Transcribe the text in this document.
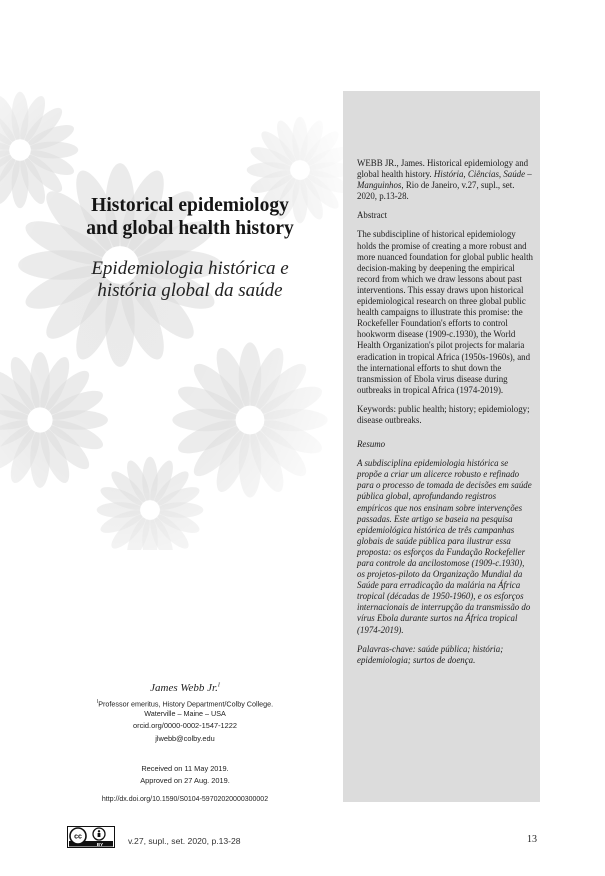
Historical epidemiology
and global health history
Epidemiologia histórica e
história global da saúde

WEBB JR., James. Historical epidemiology and global health history. História, Ciências, Saúde – Manguinhos, Rio de Janeiro, v.27, supl., set. 2020, p.13-28.

Abstract

The subdiscipline of historical epidemiology holds the promise of creating a more robust and more nuanced foundation for global public health decision-making by deepening the empirical record from which we draw lessons about past interventions. This essay draws upon historical epidemiological research on three global public health campaigns to illustrate this promise: the Rockefeller Foundation's efforts to control hookworm disease (1909-c.1930), the World Health Organization's pilot projects for malaria eradication in tropical Africa (1950s-1960s), and the international efforts to shut down the transmission of Ebola virus disease during outbreaks in tropical Africa (1974-2019).

Keywords: public health; history; epidemiology; disease outbreaks.

Resumo

A subdisciplina epidemiologia histórica se propõe a criar um alicerce robusto e refinado para o processo de tomada de decisões em saúde pública global, aprofundando registros empíricos que nos ensinam sobre intervenções passadas. Este artigo se baseia na pesquisa epidemiológica histórica de três campanhas globais de saúde pública para ilustrar essa proposta: os esforços da Fundação Rockefeller para controle da ancilostomose (1909-c.1930), os projetos-piloto da Organização Mundial da Saúde para erradicação da malária na África tropical (décadas de 1950-1960), e os esforços internacionais de interrupção da transmissão do vírus Ebola durante surtos na África tropical (1974-2019).

Palavras-chave: saúde pública; história; epidemiologia; surtos de doença.

James Webb Jr.$^I$
$^I$Professor emeritus, History Department/Colby College.
Waterville – Maine – USA
orcid.org/0000-0002-1547-1222
jlwebb@colby.edu
Received on 11 May 2019.
Approved on 27 Aug. 2019.
http://dx.doi.org/10.1590/S0104-59702020000300002
cc
BY	v.27, supl., set. 2020, p.13-28	13
